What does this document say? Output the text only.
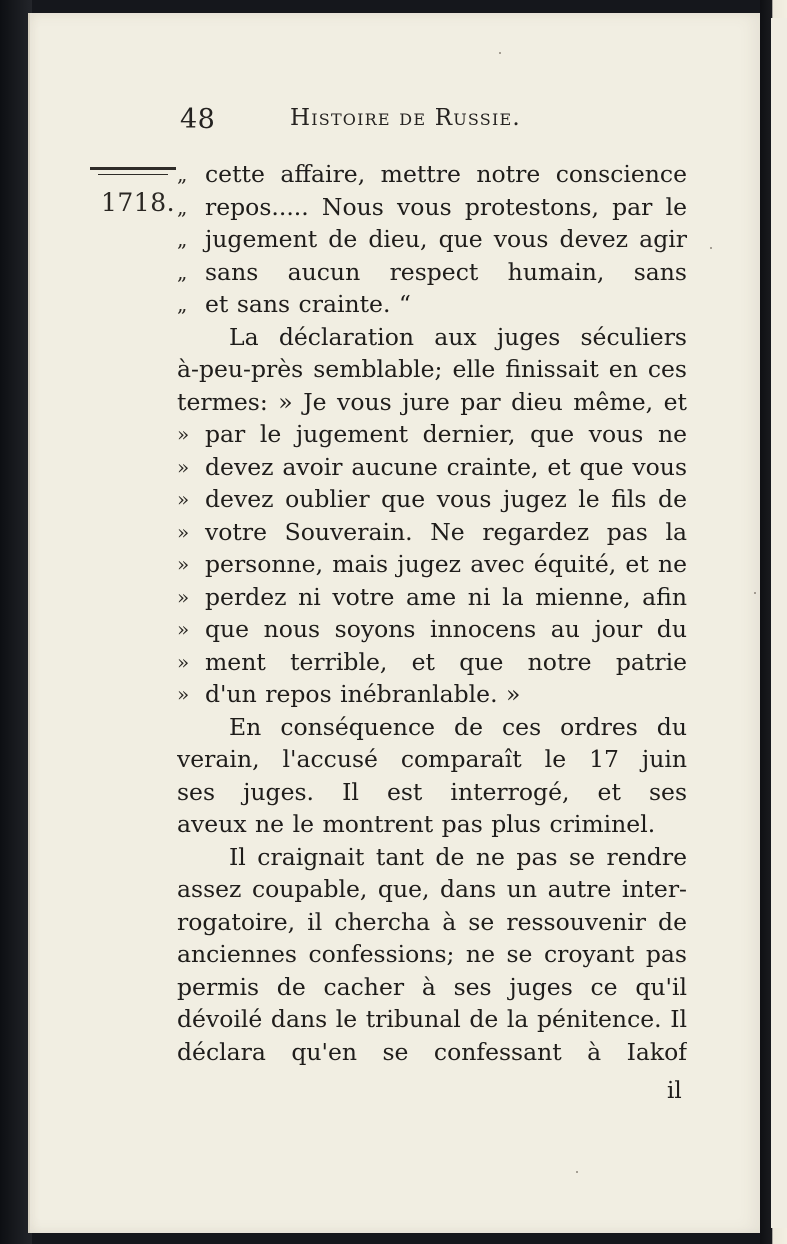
48	Histoire de Russie.
1718.
„ cette affaire, mettre notre conscience
„ repos..... Nous vous protestons, par le
„ jugement de dieu, que vous devez agir
„ sans aucun respect humain, sans
„ et sans crainte. “
La déclaration aux juges séculiers
à-peu-près semblable; elle finissait en ces
termes: » Je vous jure par dieu même, et
» par le jugement dernier, que vous ne
» devez avoir aucune crainte, et que vous
» devez oublier que vous jugez le fils de
» votre Souverain. Ne regardez pas la
» personne, mais jugez avec équité, et ne
» perdez ni votre ame ni la mienne, afin
» que nous soyons innocens au jour du
» ment terrible, et que notre patrie
» d'un repos inébranlable. »
En conséquence de ces ordres du
verain, l'accusé comparaît le 17 juin
ses juges. Il est interrogé, et ses
aveux ne le montrent pas plus criminel.
Il craignait tant de ne pas se rendre
assez coupable, que, dans un autre inter-
rogatoire, il chercha à se ressouvenir de
anciennes confessions; ne se croyant pas
permis de cacher à ses juges ce qu'il
dévoilé dans le tribunal de la pénitence. Il
déclara qu'en se confessant à Iakof
il
